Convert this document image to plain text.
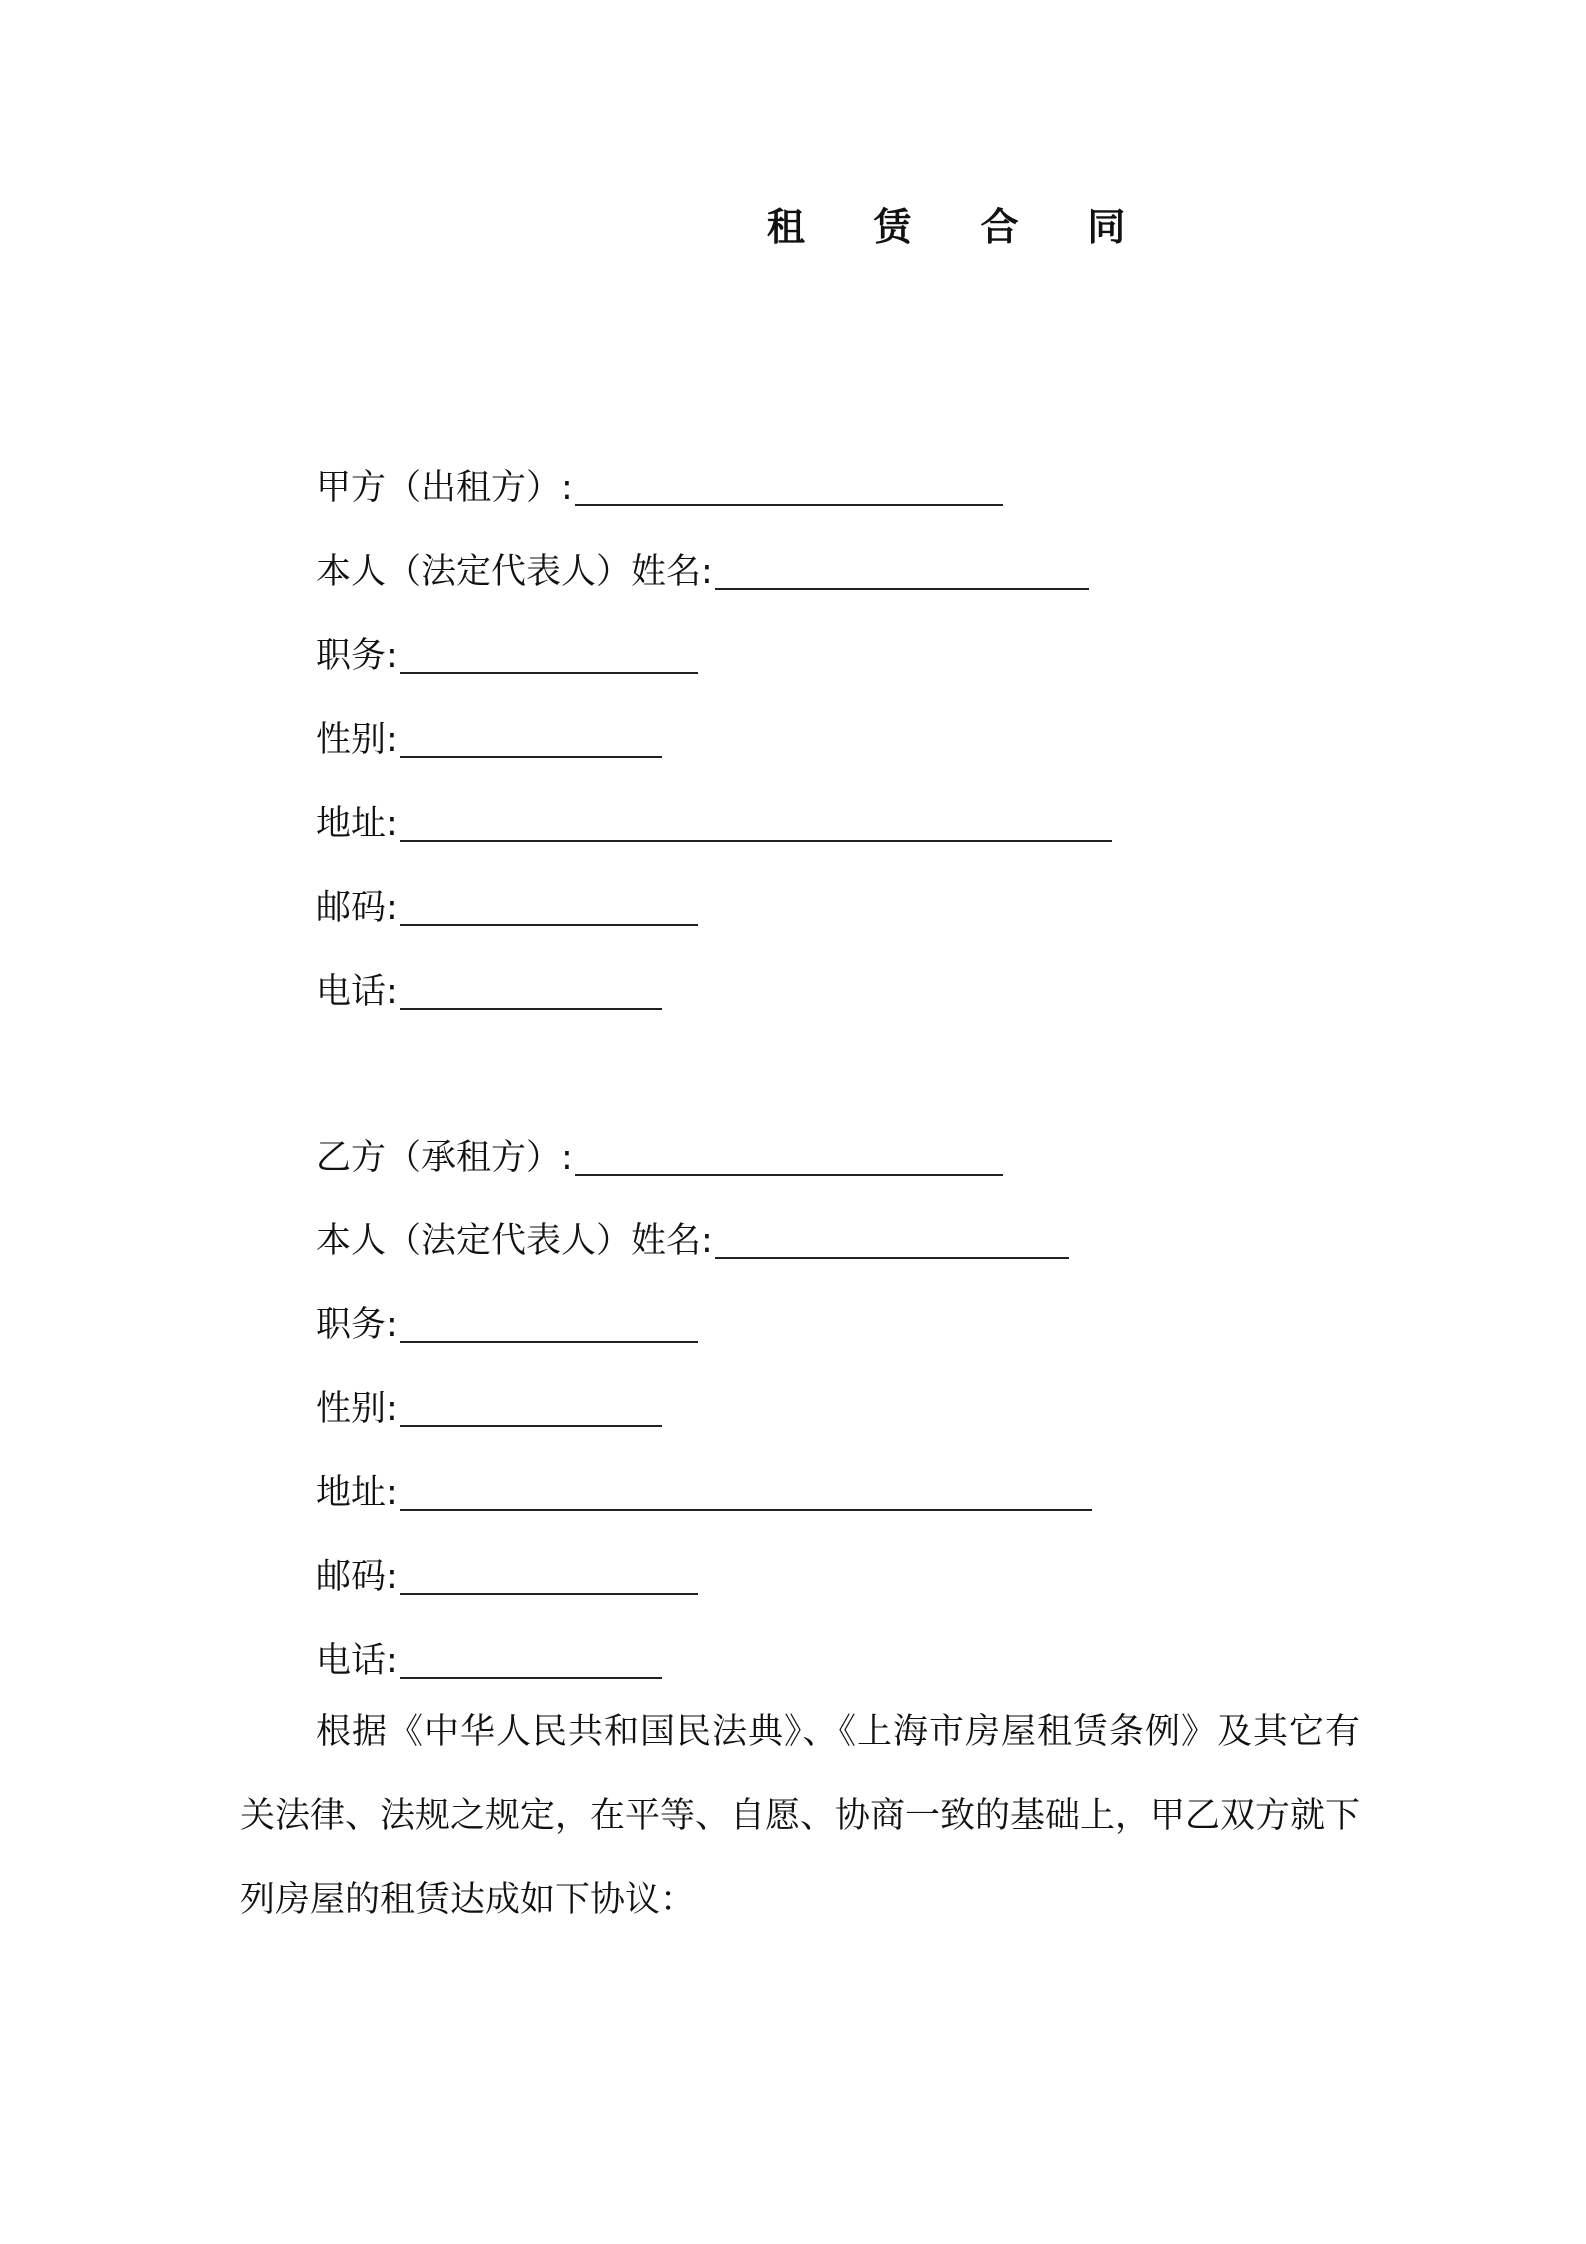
租 赁 合 同
甲方（出租方）:
本人（法定代表人）姓名:
职务:
性别:
地址:
邮码:
电话:
乙方（承租方）:
本人（法定代表人）姓名:
职务:
性别:
地址:
邮码:
电话:

根据《中华人民共和国民法典》、《上海市房屋租赁条例》及其它有关法律、法规之规定，在平等、自愿、协商一致的基础上，甲乙双方就下列房屋的租赁达成如下协议：
